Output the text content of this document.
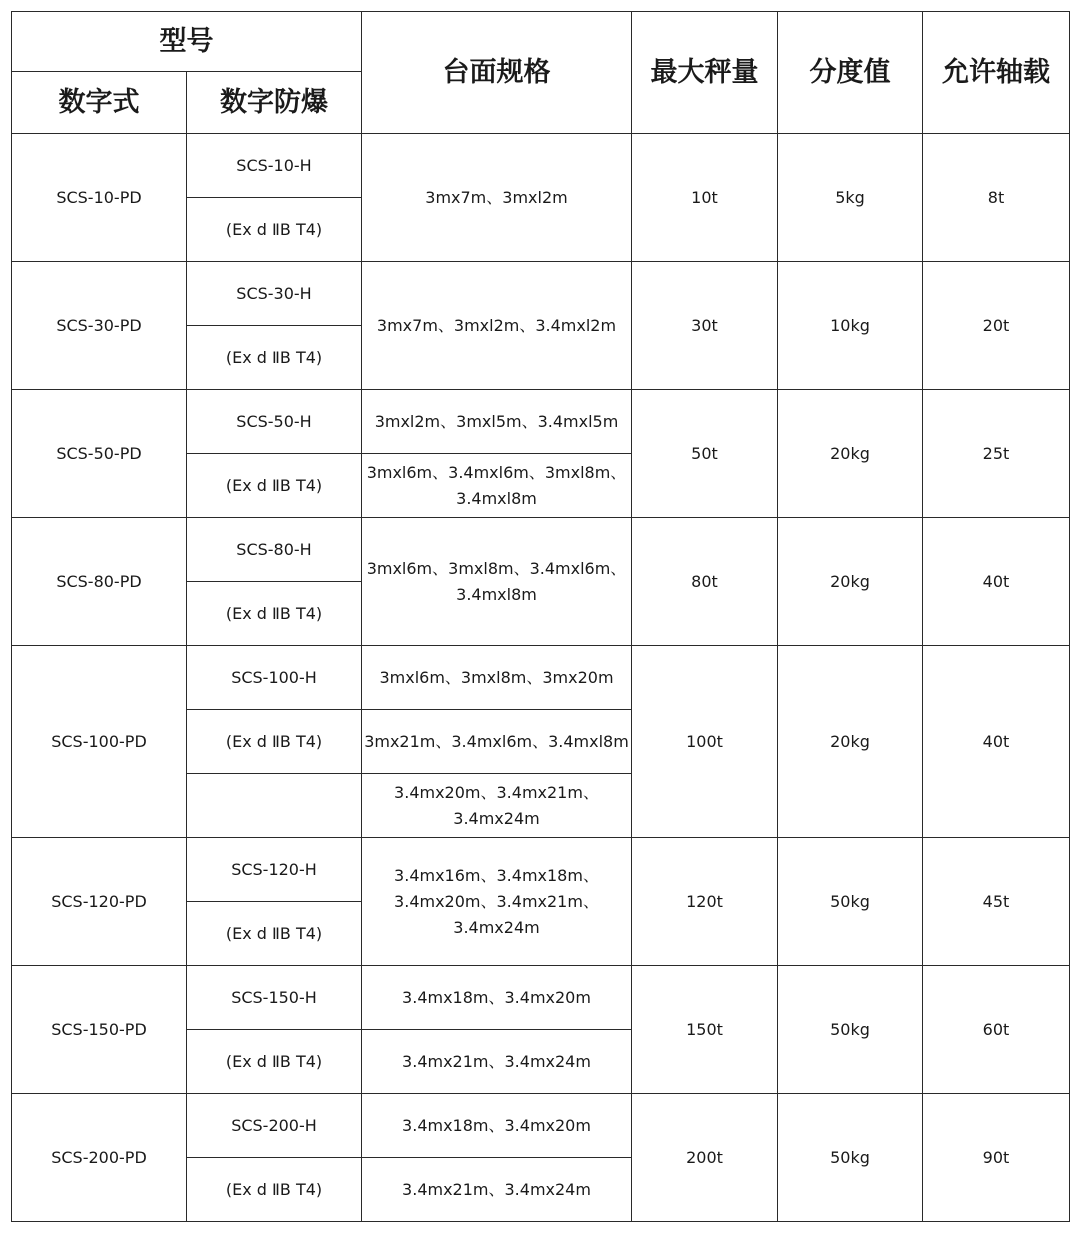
型号		台面规格	最大秤量	分度值	允许轴载
数字式	数字防爆				
SCS-10-PD	SCS-10-H	3mx7m、3mxl2m	10t	5kg	8t
	(Ex d ⅡB T4)				
SCS-30-PD	SCS-30-H	3mx7m、3mxl2m、3.4mxl2m	30t	10kg	20t
	(Ex d ⅡB T4)				
SCS-50-PD	SCS-50-H	3mxl2m、3mxl5m、3.4mxl5m	50t	20kg	25t
	(Ex d ⅡB T4)	3mxl6m、3.4mxl6m、3mxl8m、
3.4mxl8m			
SCS-80-PD	SCS-80-H	3mxl6m、3mxl8m、3.4mxl6m、
3.4mxl8m	80t	20kg	40t
	(Ex d ⅡB T4)				
SCS-100-PD	SCS-100-H	3mxl6m、3mxl8m、3mx20m	100t	20kg	40t
	(Ex d ⅡB T4)	3mx21m、3.4mxl6m、3.4mxl8m			
		3.4mx20m、3.4mx21m、
3.4mx24m			
SCS-120-PD	SCS-120-H	3.4mx16m、3.4mx18m、
3.4mx20m、3.4mx21m、
3.4mx24m	120t	50kg	45t
	(Ex d ⅡB T4)				
SCS-150-PD	SCS-150-H	3.4mx18m、3.4mx20m	150t	50kg	60t
	(Ex d ⅡB T4)	3.4mx21m、3.4mx24m			
SCS-200-PD	SCS-200-H	3.4mx18m、3.4mx20m	200t	50kg	90t
	(Ex d ⅡB T4)	3.4mx21m、3.4mx24m			
